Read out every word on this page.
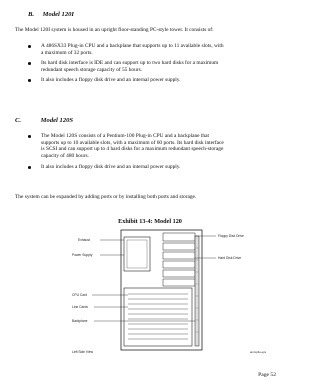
B. Model 120I
The Model 120I system is housed in an upright floor-standing PC-style tower. It consists of:
A 486SX33 Plug-in CPU and a backplane that supports up to 11 available slots, with
a maximum of 32 ports.
Its hard disk interface is IDE and can support up to two hard disks for a maximum
redundant speech storage capacity of 55 hours.
It also includes a floppy disk drive and an internal power supply.
C.	Model 120S
The Model 120S consists of a Pentium-100 Plug-in CPU and a backplane that
supports up to 10 available slots, with a maximum of 60 ports. Its hard disk interface
is SCSI and can support up to 4 hard disks for a maximum redundant speech-storage
capacity of 480 hours.
It also includes a floppy disk drive and an internal power supply.
The system can be expanded by adding ports or by installing both ports and storage.
Exhibit 13-4: Model 120
Exhaust
Power Supply
CPU Card
Line Cards
Backplane
Left Side View
Floppy Disk Drive
Hard Disk Drive
ammp4e.eps
Page 52
